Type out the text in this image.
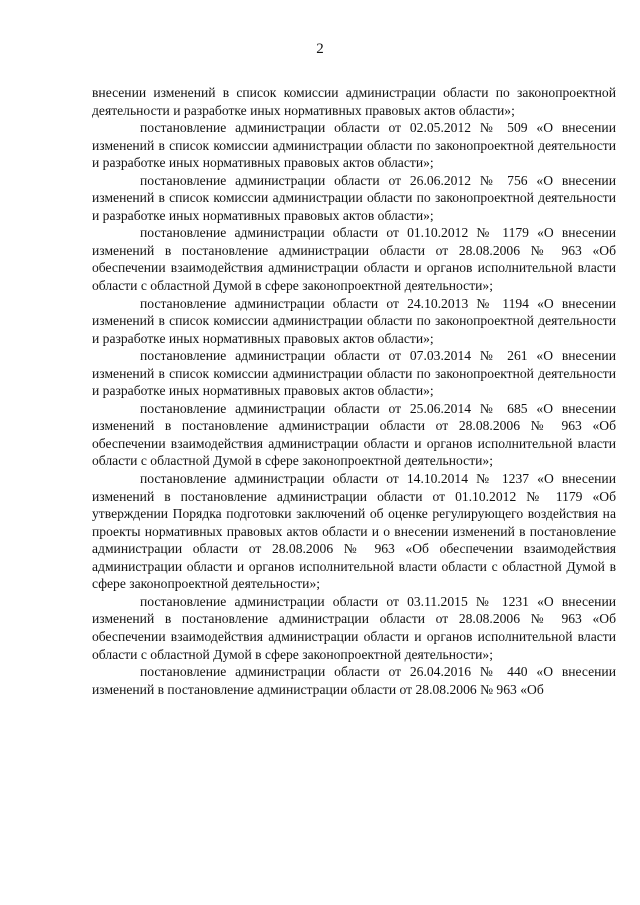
2

внесении изменений в список комиссии администрации области по законопроектной деятельности и разработке иных нормативных правовых актов области»;

постановление администрации области от 02.05.2012 № 509 «О внесении изменений в список комиссии администрации области по законопроектной деятельности и разработке иных нормативных правовых актов области»;

постановление администрации области от 26.06.2012 № 756 «О внесении изменений в список комиссии администрации области по законопроектной деятельности и разработке иных нормативных правовых актов области»;

постановление администрации области от 01.10.2012 № 1179 «О внесении изменений в постановление администрации области от 28.08.2006 № 963 «Об обеспечении взаимодействия администрации области и органов исполнительной власти области с областной Думой в сфере законопроектной деятельности»;

постановление администрации области от 24.10.2013 № 1194 «О внесении изменений в список комиссии администрации области по законопроектной деятельности и разработке иных нормативных правовых актов области»;

постановление администрации области от 07.03.2014 № 261 «О внесении изменений в список комиссии администрации области по законопроектной деятельности и разработке иных нормативных правовых актов области»;

постановление администрации области от 25.06.2014 № 685 «О внесении изменений в постановление администрации области от 28.08.2006 № 963 «Об обеспечении взаимодействия администрации области и органов исполнительной власти области с областной Думой в сфере законопроектной деятельности»;

постановление администрации области от 14.10.2014 № 1237 «О внесении изменений в постановление администрации области от 01.10.2012 № 1179 «Об утверждении Порядка подготовки заключений об оценке регулирующего воздействия на проекты нормативных правовых актов области и о внесении изменений в постановление администрации области от 28.08.2006 № 963 «Об обеспечении взаимодействия администрации области и органов исполнительной власти области с областной Думой в сфере законопроектной деятельности»;

постановление администрации области от 03.11.2015 № 1231 «О внесении изменений в постановление администрации области от 28.08.2006 № 963 «Об обеспечении взаимодействия администрации области и органов исполнительной власти области с областной Думой в сфере законопроектной деятельности»;

постановление администрации области от 26.04.2016 № 440 «О внесении изменений в постановление администрации области от 28.08.2006 № 963 «Об
